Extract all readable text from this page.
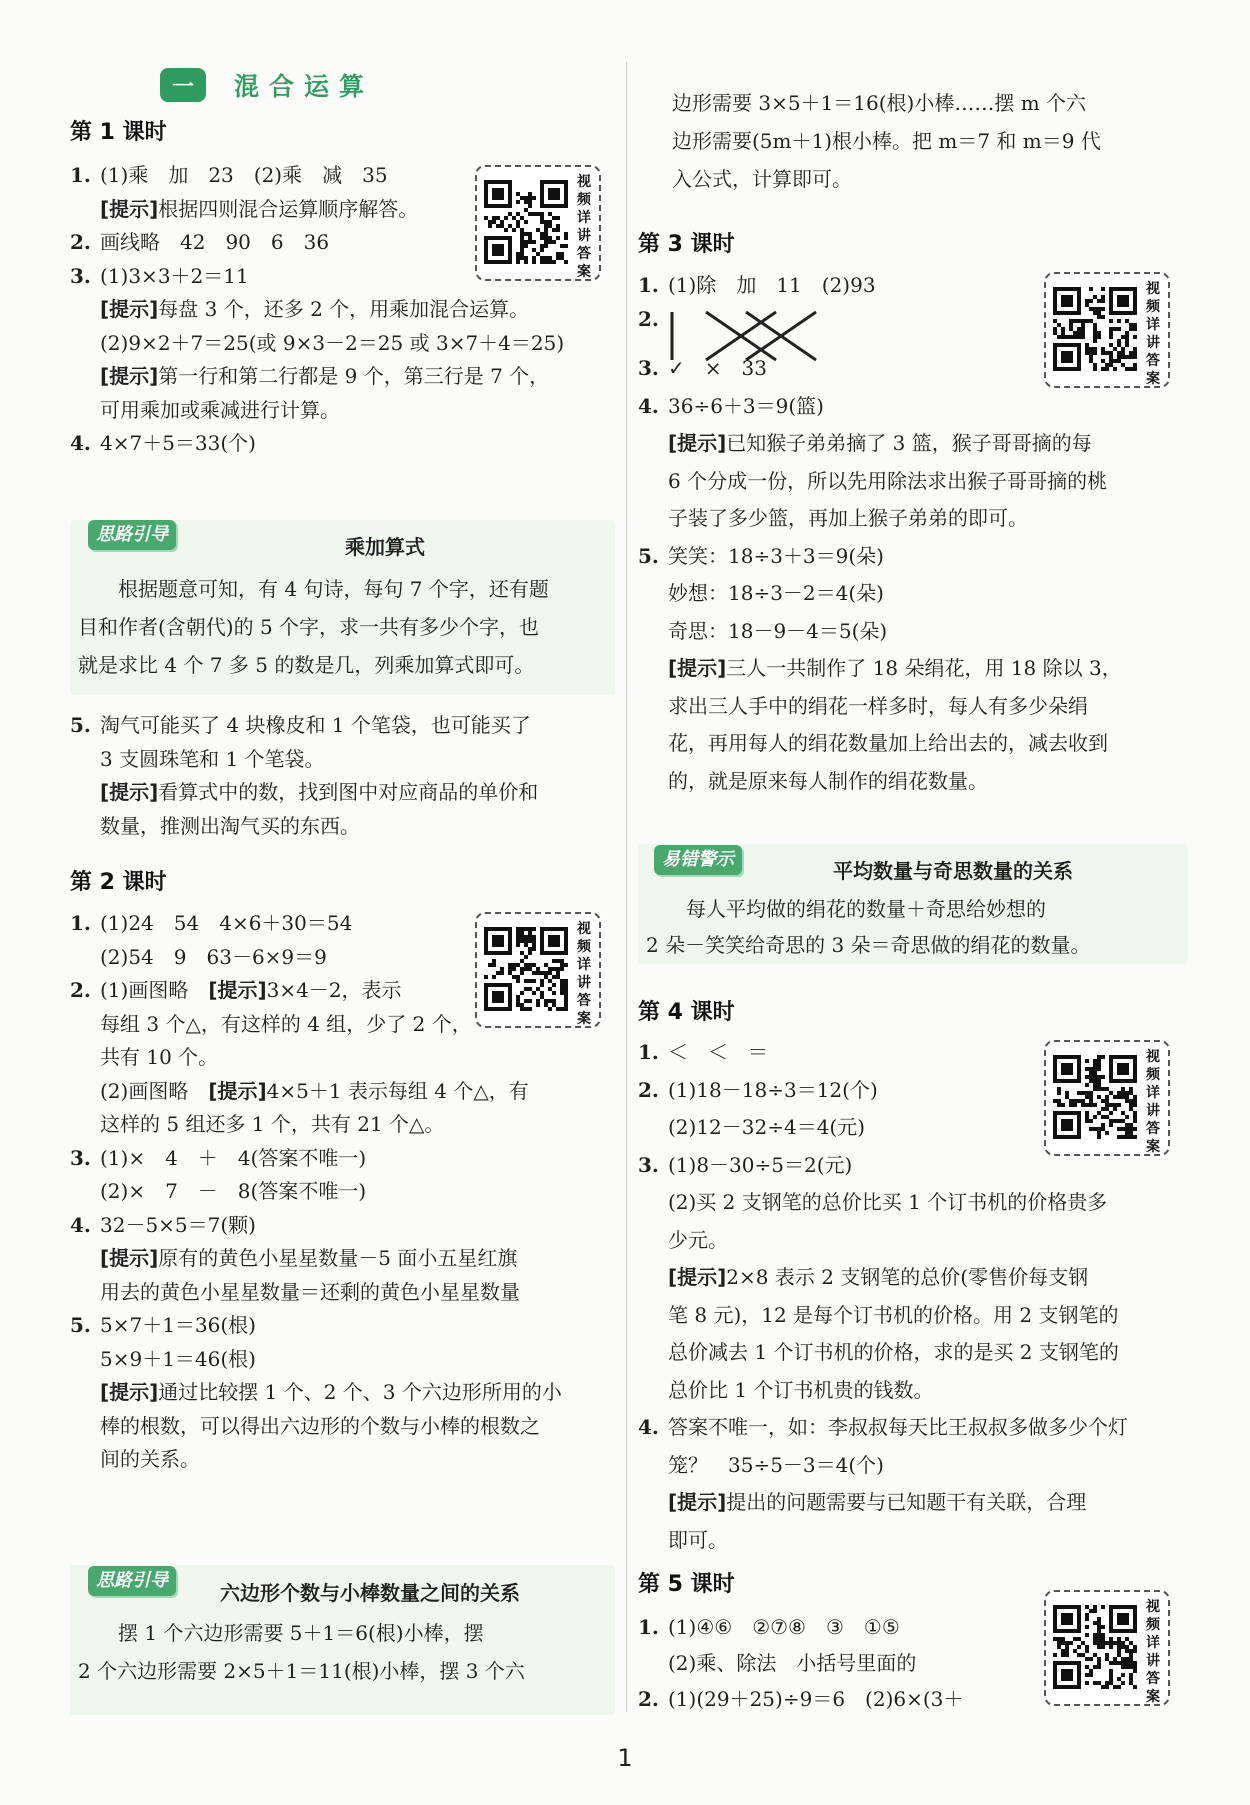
一	混合运算
第 1 课时
1. (1)乘　加　23　(2)乘　减　35
[提示]根据四则混合运算顺序解答。
2. 画线略　42　90　6　36
3. (1)3×3＋2＝11
[提示]每盘 3 个，还多 2 个，用乘加混合运算。
(2)9×2＋7＝25(或 9×3－2＝25 或 3×7＋4＝25)
[提示]第一行和第二行都是 9 个，第三行是 7 个，
可用乘加或乘减进行计算。
4. 4×7＋5＝33(个)
视频详讲答案
思路引导
乘加算式
　　根据题意可知，有 4 句诗，每句 7 个字，还有题
目和作者(含朝代)的 5 个字，求一共有多少个字，也
就是求比 4 个 7 多 5 的数是几，列乘加算式即可。
5. 淘气可能买了 4 块橡皮和 1 个笔袋，也可能买了
3 支圆珠笔和 1 个笔袋。
[提示]看算式中的数，找到图中对应商品的单价和
数量，推测出淘气买的东西。
第 2 课时
1. (1)24　54　4×6＋30＝54
(2)54　9　63－6×9＝9
2. (1)画图略　[提示]3×4－2，表示
每组 3 个△，有这样的 4 组，少了 2 个，
共有 10 个。
(2)画图略　[提示]4×5＋1 表示每组 4 个△，有
这样的 5 组还多 1 个，共有 21 个△。
3. (1)×　4　＋　4(答案不唯一)
(2)×　7　－　8(答案不唯一)
4. 32－5×5＝7(颗)
[提示]原有的黄色小星星数量－5 面小五星红旗
用去的黄色小星星数量＝还剩的黄色小星星数量
5. 5×7＋1＝36(根)
5×9＋1＝46(根)
[提示]通过比较摆 1 个、2 个、3 个六边形所用的小
棒的根数，可以得出六边形的个数与小棒的根数之
间的关系。
视频详讲答案
思路引导
六边形个数与小棒数量之间的关系
　　摆 1 个六边形需要 5＋1＝6(根)小棒，摆
2 个六边形需要 2×5＋1＝11(根)小棒，摆 3 个六
边形需要 3×5＋1＝16(根)小棒……摆 m 个六
边形需要(5m＋1)根小棒。把 m＝7 和 m＝9 代
入公式，计算即可。
第 3 课时
1. (1)除　加　11　(2)93
2.
3. ✓　×　33
4. 36÷6＋3＝9(篮)
[提示]已知猴子弟弟摘了 3 篮，猴子哥哥摘的每
6 个分成一份，所以先用除法求出猴子哥哥摘的桃
子装了多少篮，再加上猴子弟弟的即可。
5. 笑笑：18÷3＋3＝9(朵)
妙想：18÷3－2＝4(朵)
奇思：18－9－4＝5(朵)
[提示]三人一共制作了 18 朵绢花，用 18 除以 3，
求出三人手中的绢花一样多时，每人有多少朵绢
花，再用每人的绢花数量加上给出去的，减去收到
的，就是原来每人制作的绢花数量。
视频详讲答案
易错警示	平均数量与奇思数量的关系
　　每人平均做的绢花的数量＋奇思给妙想的
2 朵－笑笑给奇思的 3 朵＝奇思做的绢花的数量。
第 4 课时
1. ＜　＜　＝
2. (1)18－18÷3＝12(个)
(2)12－32÷4＝4(元)
3. (1)8－30÷5＝2(元)
(2)买 2 支钢笔的总价比买 1 个订书机的价格贵多
少元。
[提示]2×8 表示 2 支钢笔的总价(零售价每支钢
笔 8 元)，12 是每个订书机的价格。用 2 支钢笔的
总价减去 1 个订书机的价格，求的是买 2 支钢笔的
总价比 1 个订书机贵的钱数。
4. 答案不唯一，如：李叔叔每天比王叔叔多做多少个灯
笼？　35÷5－3＝4(个)
[提示]提出的问题需要与已知题干有关联，合理
即可。
视频详讲答案
第 5 课时
1. (1)④⑥　②⑦⑧　③　①⑤
(2)乘、除法　小括号里面的
2. (1)(29＋25)÷9＝6　(2)6×(3＋
视频详讲答案
1
